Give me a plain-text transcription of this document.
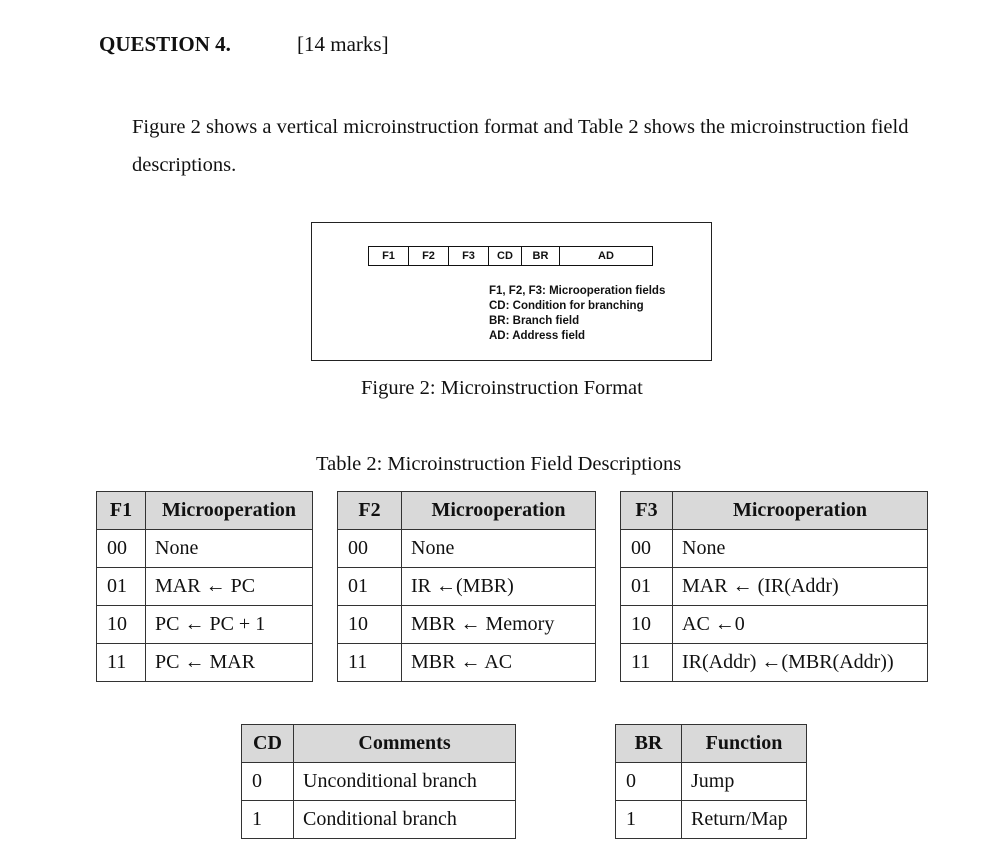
QUESTION 4.	[14 marks]
Figure 2 shows a vertical microinstruction format and Table 2 shows the microinstruction field descriptions.
F1	F2	F3	CD	BR	AD
F1, F2, F3: Microoperation fields
CD: Condition for branching
BR: Branch field
AD: Address field
Figure 2: Microinstruction Format
Table 2: Microinstruction Field Descriptions
F1	Microoperation
00	None
01	MAR ← PC
10	PC ← PC + 1
11	PC ← MAR
F2	Microoperation
00	None
01	IR ←(MBR)
10	MBR ← Memory
11	MBR ← AC
F3	Microoperation
00	None
01	MAR ← (IR(Addr)
10	AC ←0
11	IR(Addr) ←(MBR(Addr))
CD	Comments
0	Unconditional branch
1	Conditional branch
BR	Function
0	Jump
1	Return/Map
